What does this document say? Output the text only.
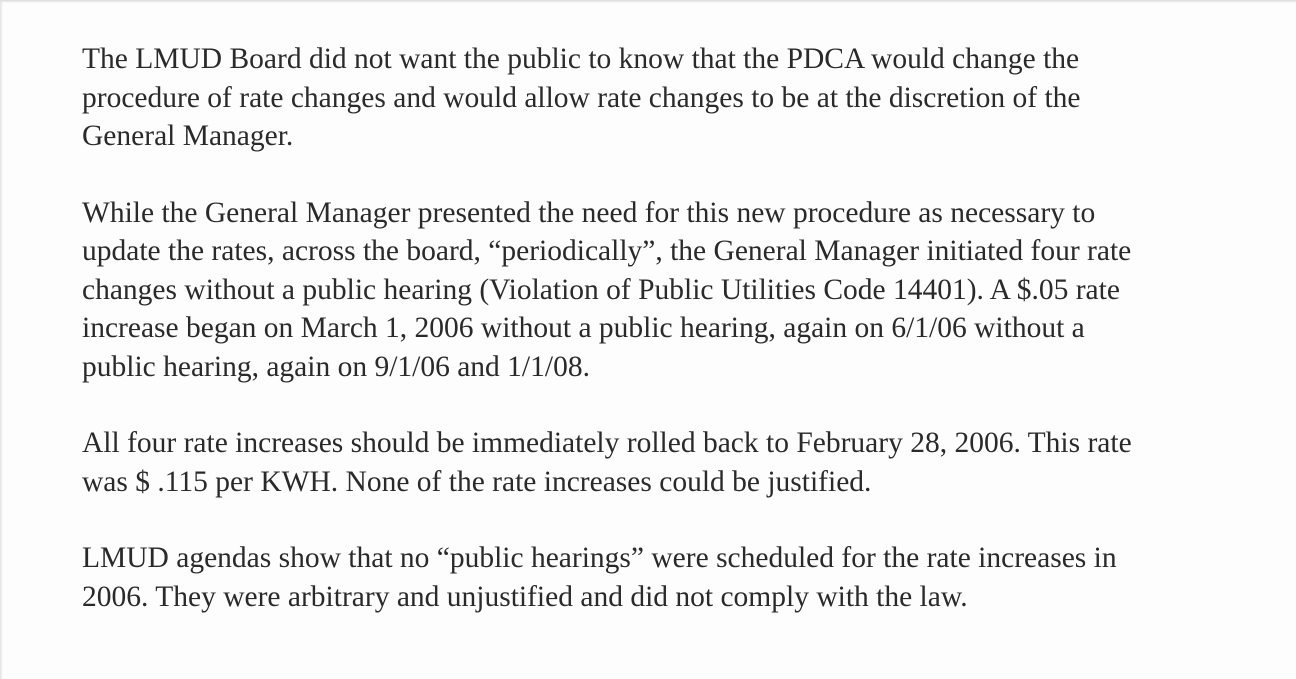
The LMUD Board did not want the public to know that the PDCA would change the
procedure of rate changes and would allow rate changes to be at the discretion of the
General Manager.

While the General Manager presented the need for this new procedure as necessary to
update the rates, across the board, “periodically”, the General Manager initiated four rate
changes without a public hearing (Violation of Public Utilities Code 14401). A $.05 rate
increase began on March 1, 2006 without a public hearing, again on 6/1/06 without a
public hearing, again on 9/1/06 and 1/1/08.

All four rate increases should be immediately rolled back to February 28, 2006. This rate
was $ .115 per KWH. None of the rate increases could be justified.

LMUD agendas show that no “public hearings” were scheduled for the rate increases in
2006. They were arbitrary and unjustified and did not comply with the law.
